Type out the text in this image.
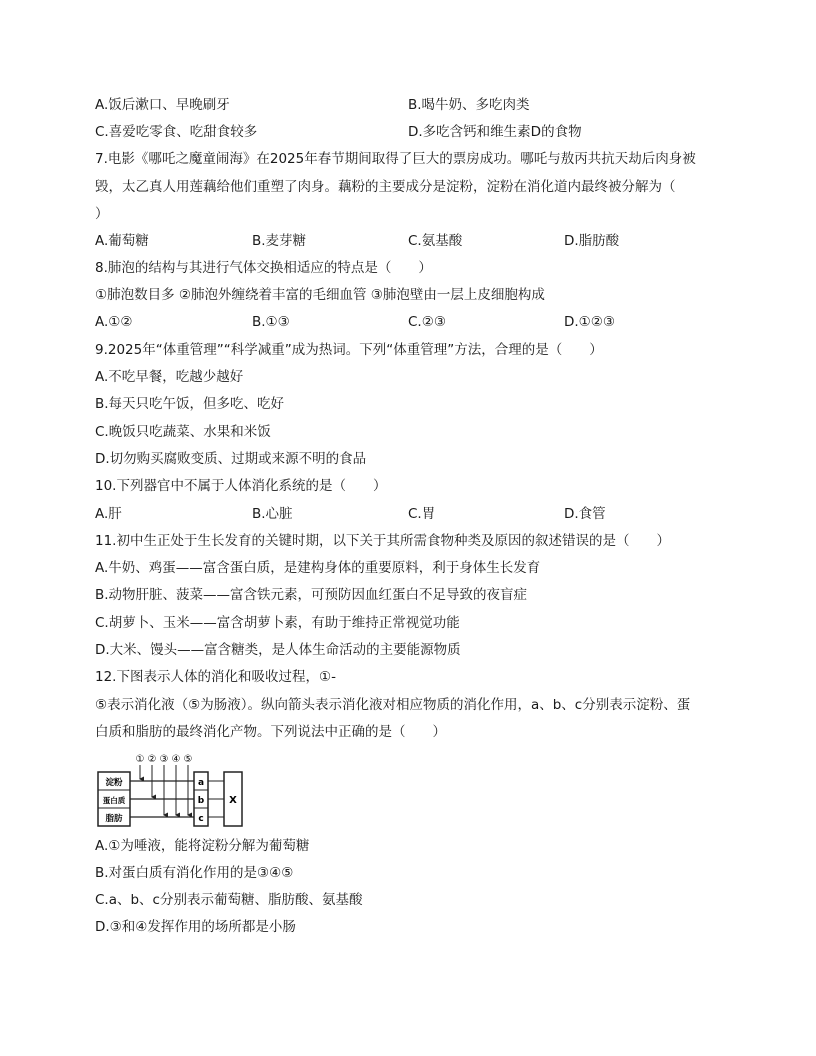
A.饭后漱口、早晚刷牙	B.喝牛奶、多吃肉类
C.喜爱吃零食、吃甜食较多	D.多吃含钙和维生素D的食物
7.电影《哪吒之魔童闹海》在2025年春节期间取得了巨大的票房成功。哪吒与敖丙共抗天劫后肉身被
毁，太乙真人用莲藕给他们重塑了肉身。藕粉的主要成分是淀粉，淀粉在消化道内最终被分解为（
）
A.葡萄糖	B.麦芽糖	C.氨基酸	D.脂肪酸
8.肺泡的结构与其进行气体交换相适应的特点是（　　）
①肺泡数目多 ②肺泡外缠绕着丰富的毛细血管 ③肺泡壁由一层上皮细胞构成
A.①②	B.①③	C.②③	D.①②③
9.2025年“体重管理”“科学减重”成为热词。下列“体重管理”方法，合理的是（　　）
A.不吃早餐，吃越少越好
B.每天只吃午饭，但多吃、吃好
C.晚饭只吃蔬菜、水果和米饭
D.切勿购买腐败变质、过期或来源不明的食品
10.下列器官中不属于人体消化系统的是（　　）
A.肝	B.心脏	C.胃	D.食管
11.初中生正处于生长发育的关键时期，以下关于其所需食物种类及原因的叙述错误的是（　　）
A.牛奶、鸡蛋——富含蛋白质，是建构身体的重要原料，利于身体生长发育
B.动物肝脏、菠菜——富含铁元素，可预防因血红蛋白不足导致的夜盲症
C.胡萝卜、玉米——富含胡萝卜素，有助于维持正常视觉功能
D.大米、馒头——富含糖类，是人体生命活动的主要能源物质
12.下图表示人体的消化和吸收过程，①-
⑤表示消化液（⑤为肠液）。纵向箭头表示消化液对相应物质的消化作用，a、b、c分别表示淀粉、蛋
白质和脂肪的最终消化产物。下列说法中正确的是（　　）
① ② ③ ④ ⑤
淀粉
蛋白质
脂肪
a
b
c
X
A.①为唾液，能将淀粉分解为葡萄糖
B.对蛋白质有消化作用的是③④⑤
C.a、b、c分别表示葡萄糖、脂肪酸、氨基酸
D.③和④发挥作用的场所都是小肠
